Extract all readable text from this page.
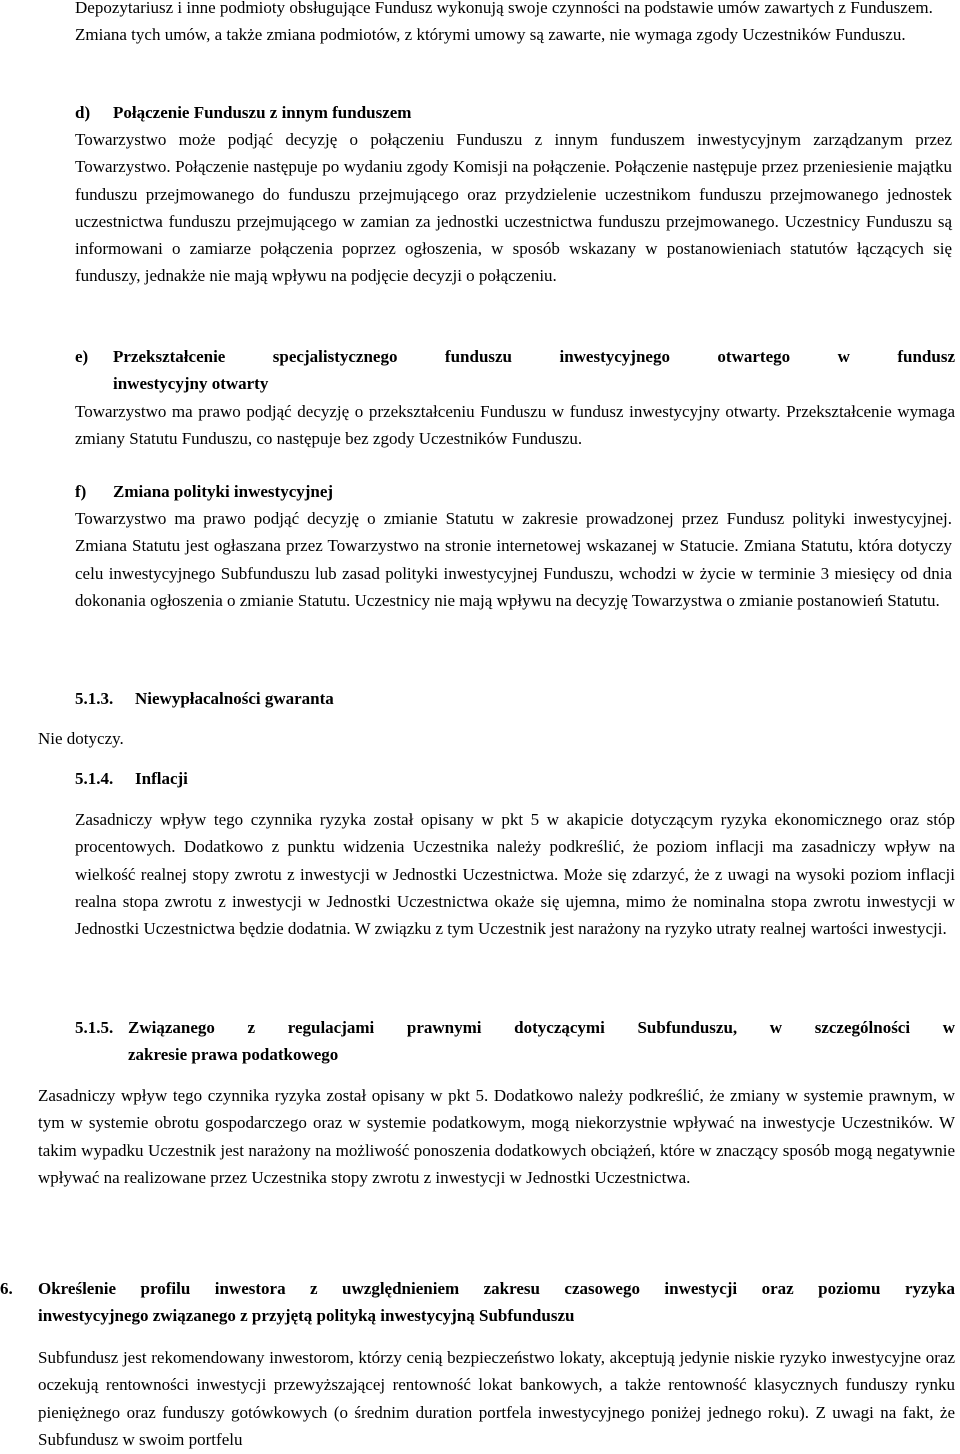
Depozytariusz i inne podmioty obsługujące Fundusz wykonują swoje czynności na podstawie umów zawartych z Funduszem. Zmiana tych umów, a także zmiana podmiotów, z którymi umowy są zawarte, nie wymaga zgody Uczestników Funduszu.

d) Połączenie Funduszu z innym funduszem

Towarzystwo może podjąć decyzję o połączeniu Funduszu z innym funduszem inwestycyjnym zarządzanym przez Towarzystwo. Połączenie następuje po wydaniu zgody Komisji na połączenie. Połączenie następuje przez przeniesienie majątku funduszu przejmowanego do funduszu przejmującego oraz przydzielenie uczestnikom funduszu przejmowanego jednostek uczestnictwa funduszu przejmującego w zamian za jednostki uczestnictwa funduszu przejmowanego. Uczestnicy Funduszu są informowani o zamiarze połączenia poprzez ogłoszenia, w sposób wskazany w postanowieniach statutów łączących się funduszy, jednakże nie mają wpływu na podjęcie decyzji o połączeniu.

e)	Przekształcenie specjalistycznego funduszu inwestycyjnego otwartego w fundusz
inwestycyjny otwarty

Towarzystwo ma prawo podjąć decyzję o przekształceniu Funduszu w fundusz inwestycyjny otwarty. Przekształcenie wymaga zmiany Statutu Funduszu, co następuje bez zgody Uczestników Funduszu.

f) Zmiana polityki inwestycyjnej

Towarzystwo ma prawo podjąć decyzję o zmianie Statutu w zakresie prowadzonej przez Fundusz polityki inwestycyjnej. Zmiana Statutu jest ogłaszana przez Towarzystwo na stronie internetowej wskazanej w Statucie. Zmiana Statutu, która dotyczy celu inwestycyjnego Subfunduszu lub zasad polityki inwestycyjnej Funduszu, wchodzi w życie w terminie 3 miesięcy od dnia dokonania ogłoszenia o zmianie Statutu. Uczestnicy nie mają wpływu na decyzję Towarzystwa o zmianie postanowień Statutu.

5.1.3. Niewypłacalności gwaranta

Nie dotyczy.

5.1.4. Inflacji

Zasadniczy wpływ tego czynnika ryzyka został opisany w pkt 5 w akapicie dotyczącym ryzyka ekonomicznego oraz stóp procentowych. Dodatkowo z punktu widzenia Uczestnika należy podkreślić, że poziom inflacji ma zasadniczy wpływ na wielkość realnej stopy zwrotu z inwestycji w Jednostki Uczestnictwa. Może się zdarzyć, że z uwagi na wysoki poziom inflacji realna stopa zwrotu z inwestycji w Jednostki Uczestnictwa okaże się ujemna, mimo że nominalna stopa zwrotu inwestycji w Jednostki Uczestnictwa będzie dodatnia. W związku z tym Uczestnik jest narażony na ryzyko utraty realnej wartości inwestycji.

5.1.5. Związanego z regulacjami prawnymi dotyczącymi Subfunduszu, w szczególności w
zakresie prawa podatkowego

Zasadniczy wpływ tego czynnika ryzyka został opisany w pkt 5. Dodatkowo należy podkreślić, że zmiany w systemie prawnym, w tym w systemie obrotu gospodarczego oraz w systemie podatkowym, mogą niekorzystnie wpływać na inwestycje Uczestników. W takim wypadku Uczestnik jest narażony na możliwość ponoszenia dodatkowych obciążeń, które w znaczący sposób mogą negatywnie wpływać na realizowane przez Uczestnika stopy zwrotu z inwestycji w Jednostki Uczestnictwa.

6.	Określenie profilu inwestora z uwzględnieniem zakresu czasowego inwestycji oraz poziomu ryzyka
inwestycyjnego związanego z przyjętą polityką inwestycyjną Subfunduszu

Subfundusz jest rekomendowany inwestorom, którzy cenią bezpieczeństwo lokaty, akceptują jedynie niskie ryzyko inwestycyjne oraz oczekują rentowności inwestycji przewyższającej rentowność lokat bankowych, a także rentowność klasycznych funduszy rynku pieniężnego oraz funduszy gotówkowych (o średnim duration portfela inwestycyjnego poniżej jednego roku). Z uwagi na fakt, że Subfundusz w swoim portfelu
